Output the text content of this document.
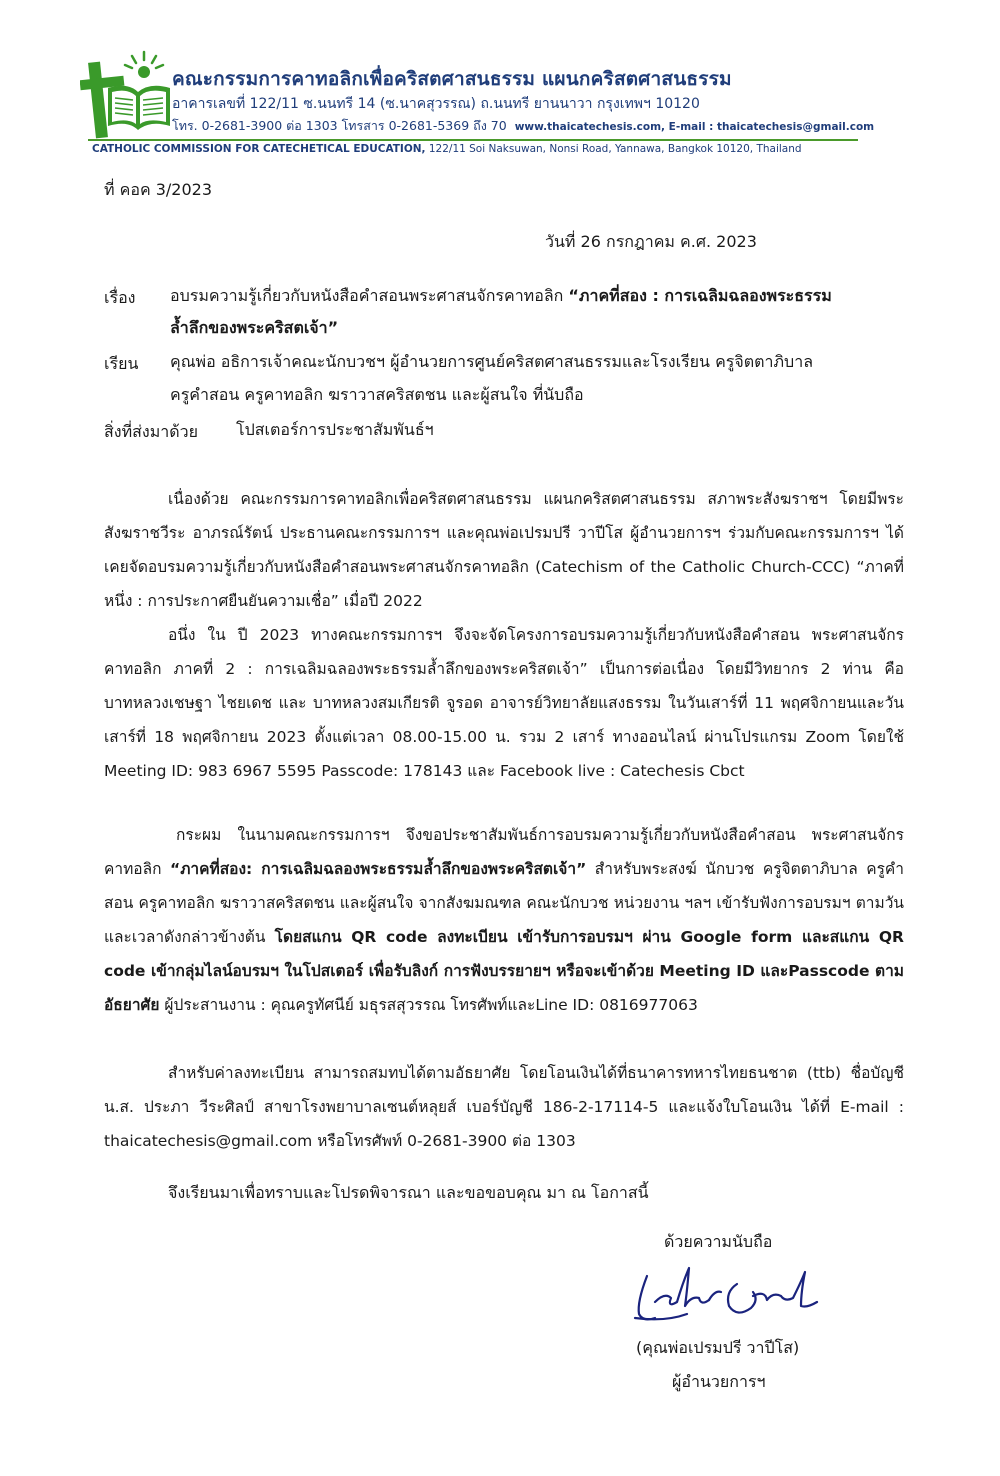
คณะกรรมการคาทอลิกเพื่อคริสตศาสนธรรม แผนกคริสตศาสนธรรม
อาคารเลขที่ 122/11 ซ.นนทรี 14 (ซ.นาคสุวรรณ) ถ.นนทรี ยานนาวา กรุงเทพฯ 10120
โทร. 0-2681-3900 ต่อ 1303 โทรสาร 0-2681-5369 ถึง 70 www.thaicatechesis.com, E-mail : thaicatechesis@gmail.com
CATHOLIC COMMISSION FOR CATECHETICAL EDUCATION, 122/11 Soi Naksuwan, Nonsi Road, Yannawa, Bangkok 10120, Thailand
ที่ คอค 3/2023
วันที่ 26 กรกฎาคม ค.ศ. 2023
เรื่อง อบรมความรู้เกี่ยวกับหนังสือคำสอนพระศาสนจักรคาทอลิก “ภาคที่สอง : การเฉลิมฉลองพระธรรม
ล้ำลึกของพระคริสตเจ้า”
เรียน คุณพ่อ อธิการเจ้าคณะนักบวชฯ ผู้อำนวยการศูนย์คริสตศาสนธรรมและโรงเรียน ครูจิตตาภิบาล
ครูคำสอน ครูคาทอลิก ฆราวาสคริสตชน และผู้สนใจ ที่นับถือ
สิ่งที่ส่งมาด้วย โปสเตอร์การประชาสัมพันธ์ฯ
เนื่องด้วย คณะกรรมการคาทอลิกเพื่อคริสตศาสนธรรม แผนกคริสตศาสนธรรม สภาพระสังฆราชฯ โดยมีพระสังฆราชวีระ อาภรณ์รัตน์ ประธานคณะกรรมการฯ และคุณพ่อเปรมปรี วาปีโส ผู้อำนวยการฯ ร่วมกับคณะกรรมการฯ ได้เคยจัดอบรมความรู้เกี่ยวกับหนังสือคำสอนพระศาสนจักรคาทอลิก (Catechism of the Catholic Church-CCC) “ภาคที่หนึ่ง : การประกาศยืนยันความเชื่อ” เมื่อปี 2022
อนึ่ง ใน ปี 2023 ทางคณะกรรมการฯ จึงจะจัดโครงการอบรมความรู้เกี่ยวกับหนังสือคำสอน พระศาสนจักรคาทอลิก ภาคที่ 2 : การเฉลิมฉลองพระธรรมล้ำลึกของพระคริสตเจ้า” เป็นการต่อเนื่อง โดยมีวิทยากร 2 ท่าน คือ บาทหลวงเชษฐา ไชยเดช และ บาทหลวงสมเกียรติ จูรอด อาจารย์วิทยาลัยแสงธรรม ในวันเสาร์ที่ 11 พฤศจิกายนและวันเสาร์ที่ 18 พฤศจิกายน 2023 ตั้งแต่เวลา 08.00-15.00 น. รวม 2 เสาร์ ทางออนไลน์ ผ่านโปรแกรม Zoom โดยใช้ Meeting ID: 983 6967 5595 Passcode: 178143 และ Facebook live : Catechesis Cbct
กระผม ในนามคณะกรรมการฯ จึงขอประชาสัมพันธ์การอบรมความรู้เกี่ยวกับหนังสือคำสอน พระศาสนจักรคาทอลิก “ภาคที่สอง: การเฉลิมฉลองพระธรรมล้ำลึกของพระคริสตเจ้า” สำหรับพระสงฆ์ นักบวช ครูจิตตาภิบาล ครูคำสอน ครูคาทอลิก ฆราวาสคริสตชน และผู้สนใจ จากสังฆมณฑล คณะนักบวช หน่วยงาน ฯลฯ เข้ารับฟังการอบรมฯ ตามวันและเวลาดังกล่าวข้างต้น โดยสแกน QR code ลงทะเบียน เข้ารับการอบรมฯ ผ่าน Google form และสแกน QR code เข้ากลุ่มไลน์อบรมฯ ในโปสเตอร์ เพื่อรับลิงก์ การฟังบรรยายฯ หรือจะเข้าด้วย Meeting ID และPasscode ตามอัธยาศัย ผู้ประสานงาน : คุณครูทัศนีย์ มธุรสสุวรรณ โทรศัพท์และLine ID: 0816977063
สำหรับค่าลงทะเบียน สามารถสมทบได้ตามอัธยาศัย โดยโอนเงินได้ที่ธนาคารทหารไทยธนชาต (ttb) ชื่อบัญชี น.ส. ประภา วีระศิลป์ สาขาโรงพยาบาลเซนต์หลุยส์ เบอร์บัญชี 186-2-17114-5 และแจ้งใบโอนเงิน ได้ที่ E-mail : thaicatechesis@gmail.com หรือโทรศัพท์ 0-2681-3900 ต่อ 1303
จึงเรียนมาเพื่อทราบและโปรดพิจารณา และขอขอบคุณ มา ณ โอกาสนี้
ด้วยความนับถือ
(คุณพ่อเปรมปรี วาปีโส)
ผู้อำนวยการฯ
